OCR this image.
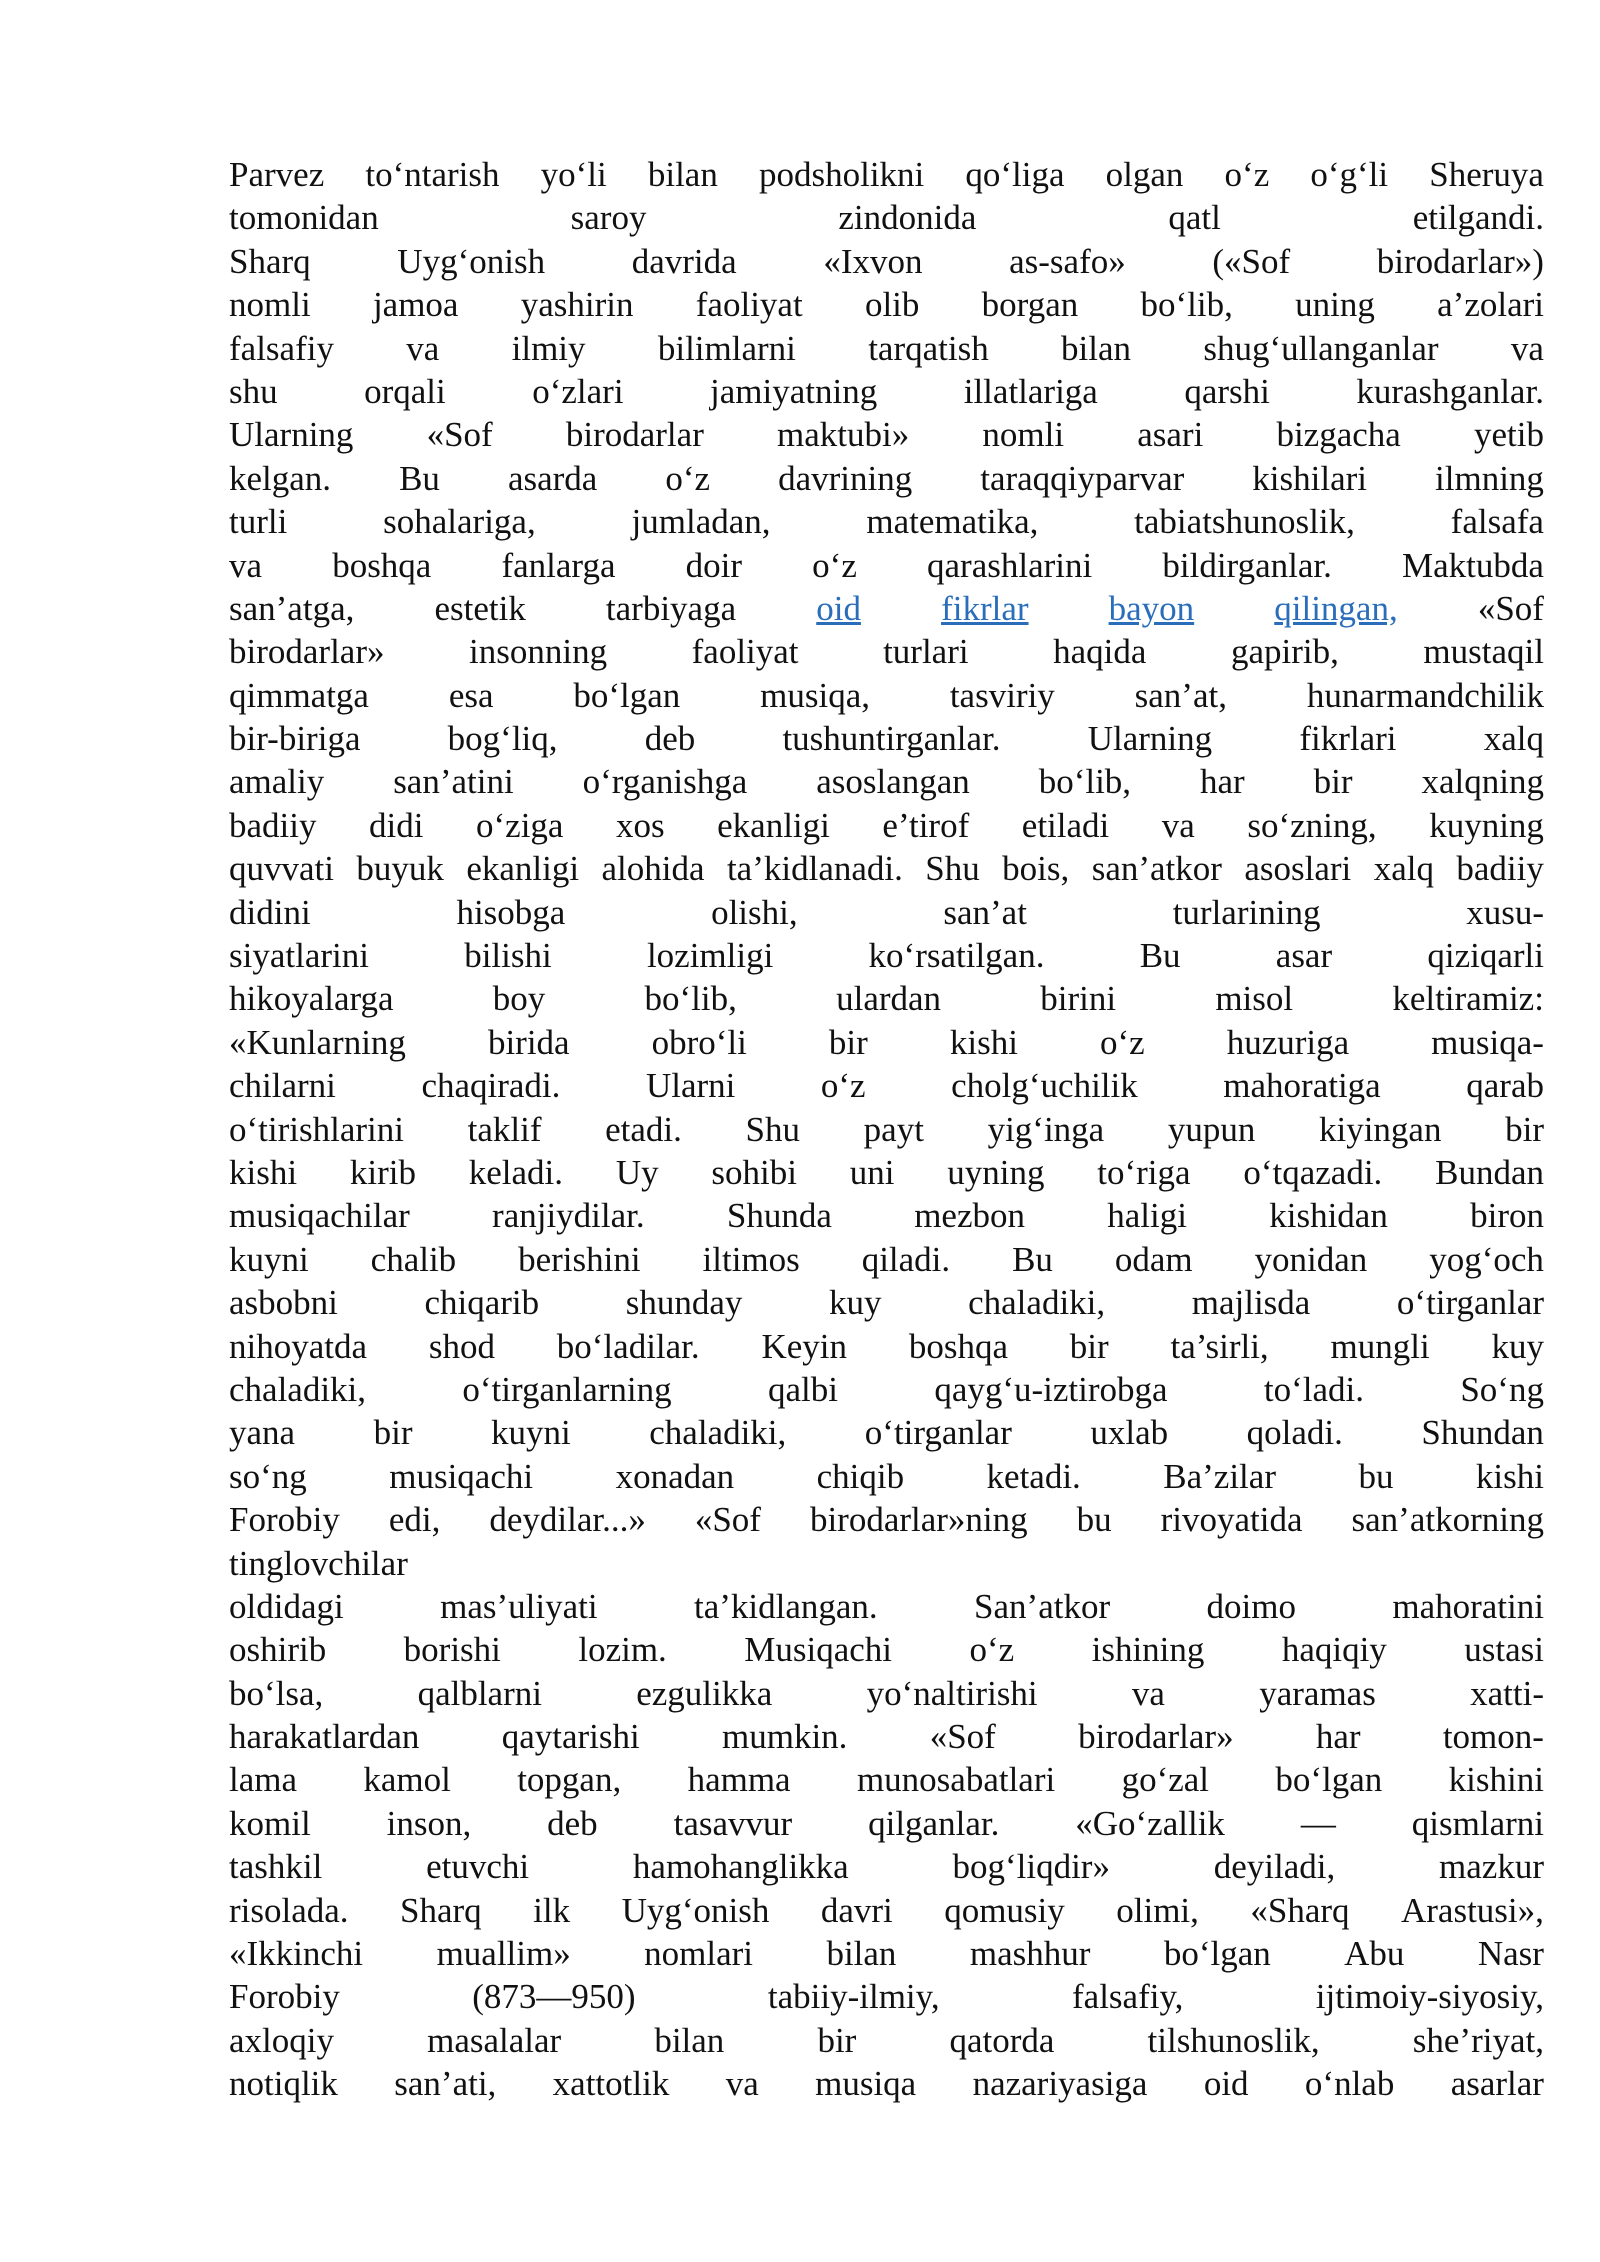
Parvez to‘ntarish yo‘li bilan podsholikni qo‘liga olgan o‘z o‘g‘li Sheruya
tomonidan	saroy	zindonida	qatl	etilgandi.
Sharq Uyg‘onish davrida «Ixvon as-safo» («Sof birodarlar»)
nomli jamoa yashirin faoliyat olib borgan bo‘lib, uning a’zolari
falsafiy va ilmiy bilimlarni tarqatish bilan shug‘ullanganlar va
shu orqali o‘zlari jamiyatning illatlariga qarshi kurashganlar.
Ularning «Sof birodarlar maktubi» nomli asari bizgacha yetib
kelgan. Bu asarda o‘z davrining taraqqiyparvar kishilari ilmning
turli	sohalariga,	jumladan,	matematika,	tabiatshunoslik,	falsafa
va boshqa fanlarga doir o‘z qarashlarini bildirganlar. Maktubda
san’atga, estetik tarbiyaga oid fikrlar bayon qilingan, «Sof
birodarlar» insonning faoliyat turlari haqida gapirib, mustaqil
qimmatga esa bo‘lgan musiqa, tasviriy san’at, hunarmandchilik
bir-biriga bog‘liq, deb tushuntirganlar. Ularning fikrlari xalq
amaliy san’atini o‘rganishga asoslangan bo‘lib, har bir xalqning
badiiy didi o‘ziga xos ekanligi e’tirof etiladi va so‘zning, kuyning
quvvati buyuk ekanligi alohida ta’kidlanadi. Shu bois, san’atkor asoslari xalq badiiy
didini	hisobga	olishi,	san’at	turlarining	xusu-
siyatlarini	bilishi	lozimligi	ko‘rsatilgan.	Bu	asar	qiziqarli
hikoyalarga	boy	bo‘lib,	ulardan	birini	misol	keltiramiz:
«Kunlarning birida obro‘li bir kishi o‘z huzuriga musiqa-
chilarni chaqiradi. Ularni o‘z cholg‘uchilik mahoratiga qarab
o‘tirishlarini taklif etadi. Shu payt yig‘inga yupun kiyingan bir
kishi kirib keladi. Uy sohibi uni uyning to‘riga o‘tqazadi. Bundan
musiqachilar ranjiydilar. Shunda mezbon haligi kishidan biron
kuyni chalib berishini iltimos qiladi. Bu odam yonidan yog‘och
asbobni chiqarib shunday kuy chaladiki, majlisda o‘tirganlar
nihoyatda shod bo‘ladilar. Keyin boshqa bir ta’sirli, mungli kuy
chaladiki,	o‘tirganlarning	qalbi	qayg‘u-iztirobga	to‘ladi.	So‘ng
yana bir kuyni chaladiki, o‘tirganlar uxlab qoladi. Shundan
so‘ng musiqachi xonadan chiqib ketadi. Ba’zilar bu kishi
Forobiy edi, deydilar...» «Sof birodarlar»ning bu rivoyatida san’atkorning
tinglovchilar
oldidagi	mas’uliyati	ta’kidlangan.	San’atkor	doimo	mahoratini
oshirib borishi lozim. Musiqachi o‘z ishining haqiqiy ustasi
bo‘lsa,	qalblarni	ezgulikka	yo‘naltirishi	va	yaramas	xatti-
harakatlardan qaytarishi mumkin. «Sof birodarlar» har tomon-
lama kamol topgan, hamma munosabatlari go‘zal bo‘lgan kishini
komil inson, deb tasavvur qilganlar. «Go‘zallik — qismlarni
tashkil	etuvchi	hamohanglikka	bog‘liqdir»	deyiladi,	mazkur
risolada. Sharq ilk Uyg‘onish davri qomusiy olimi, «Sharq Arastusi»,
«Ikkinchi muallim» nomlari bilan mashhur bo‘lgan Abu Nasr
Forobiy	(873—950)	tabiiy-ilmiy,	falsafiy,	ijtimoiy-siyosiy,
axloqiy	masalalar	bilan	bir	qatorda	tilshunoslik,	she’riyat,
notiqlik san’ati, xattotlik va musiqa nazariyasiga oid o‘nlab asarlar
